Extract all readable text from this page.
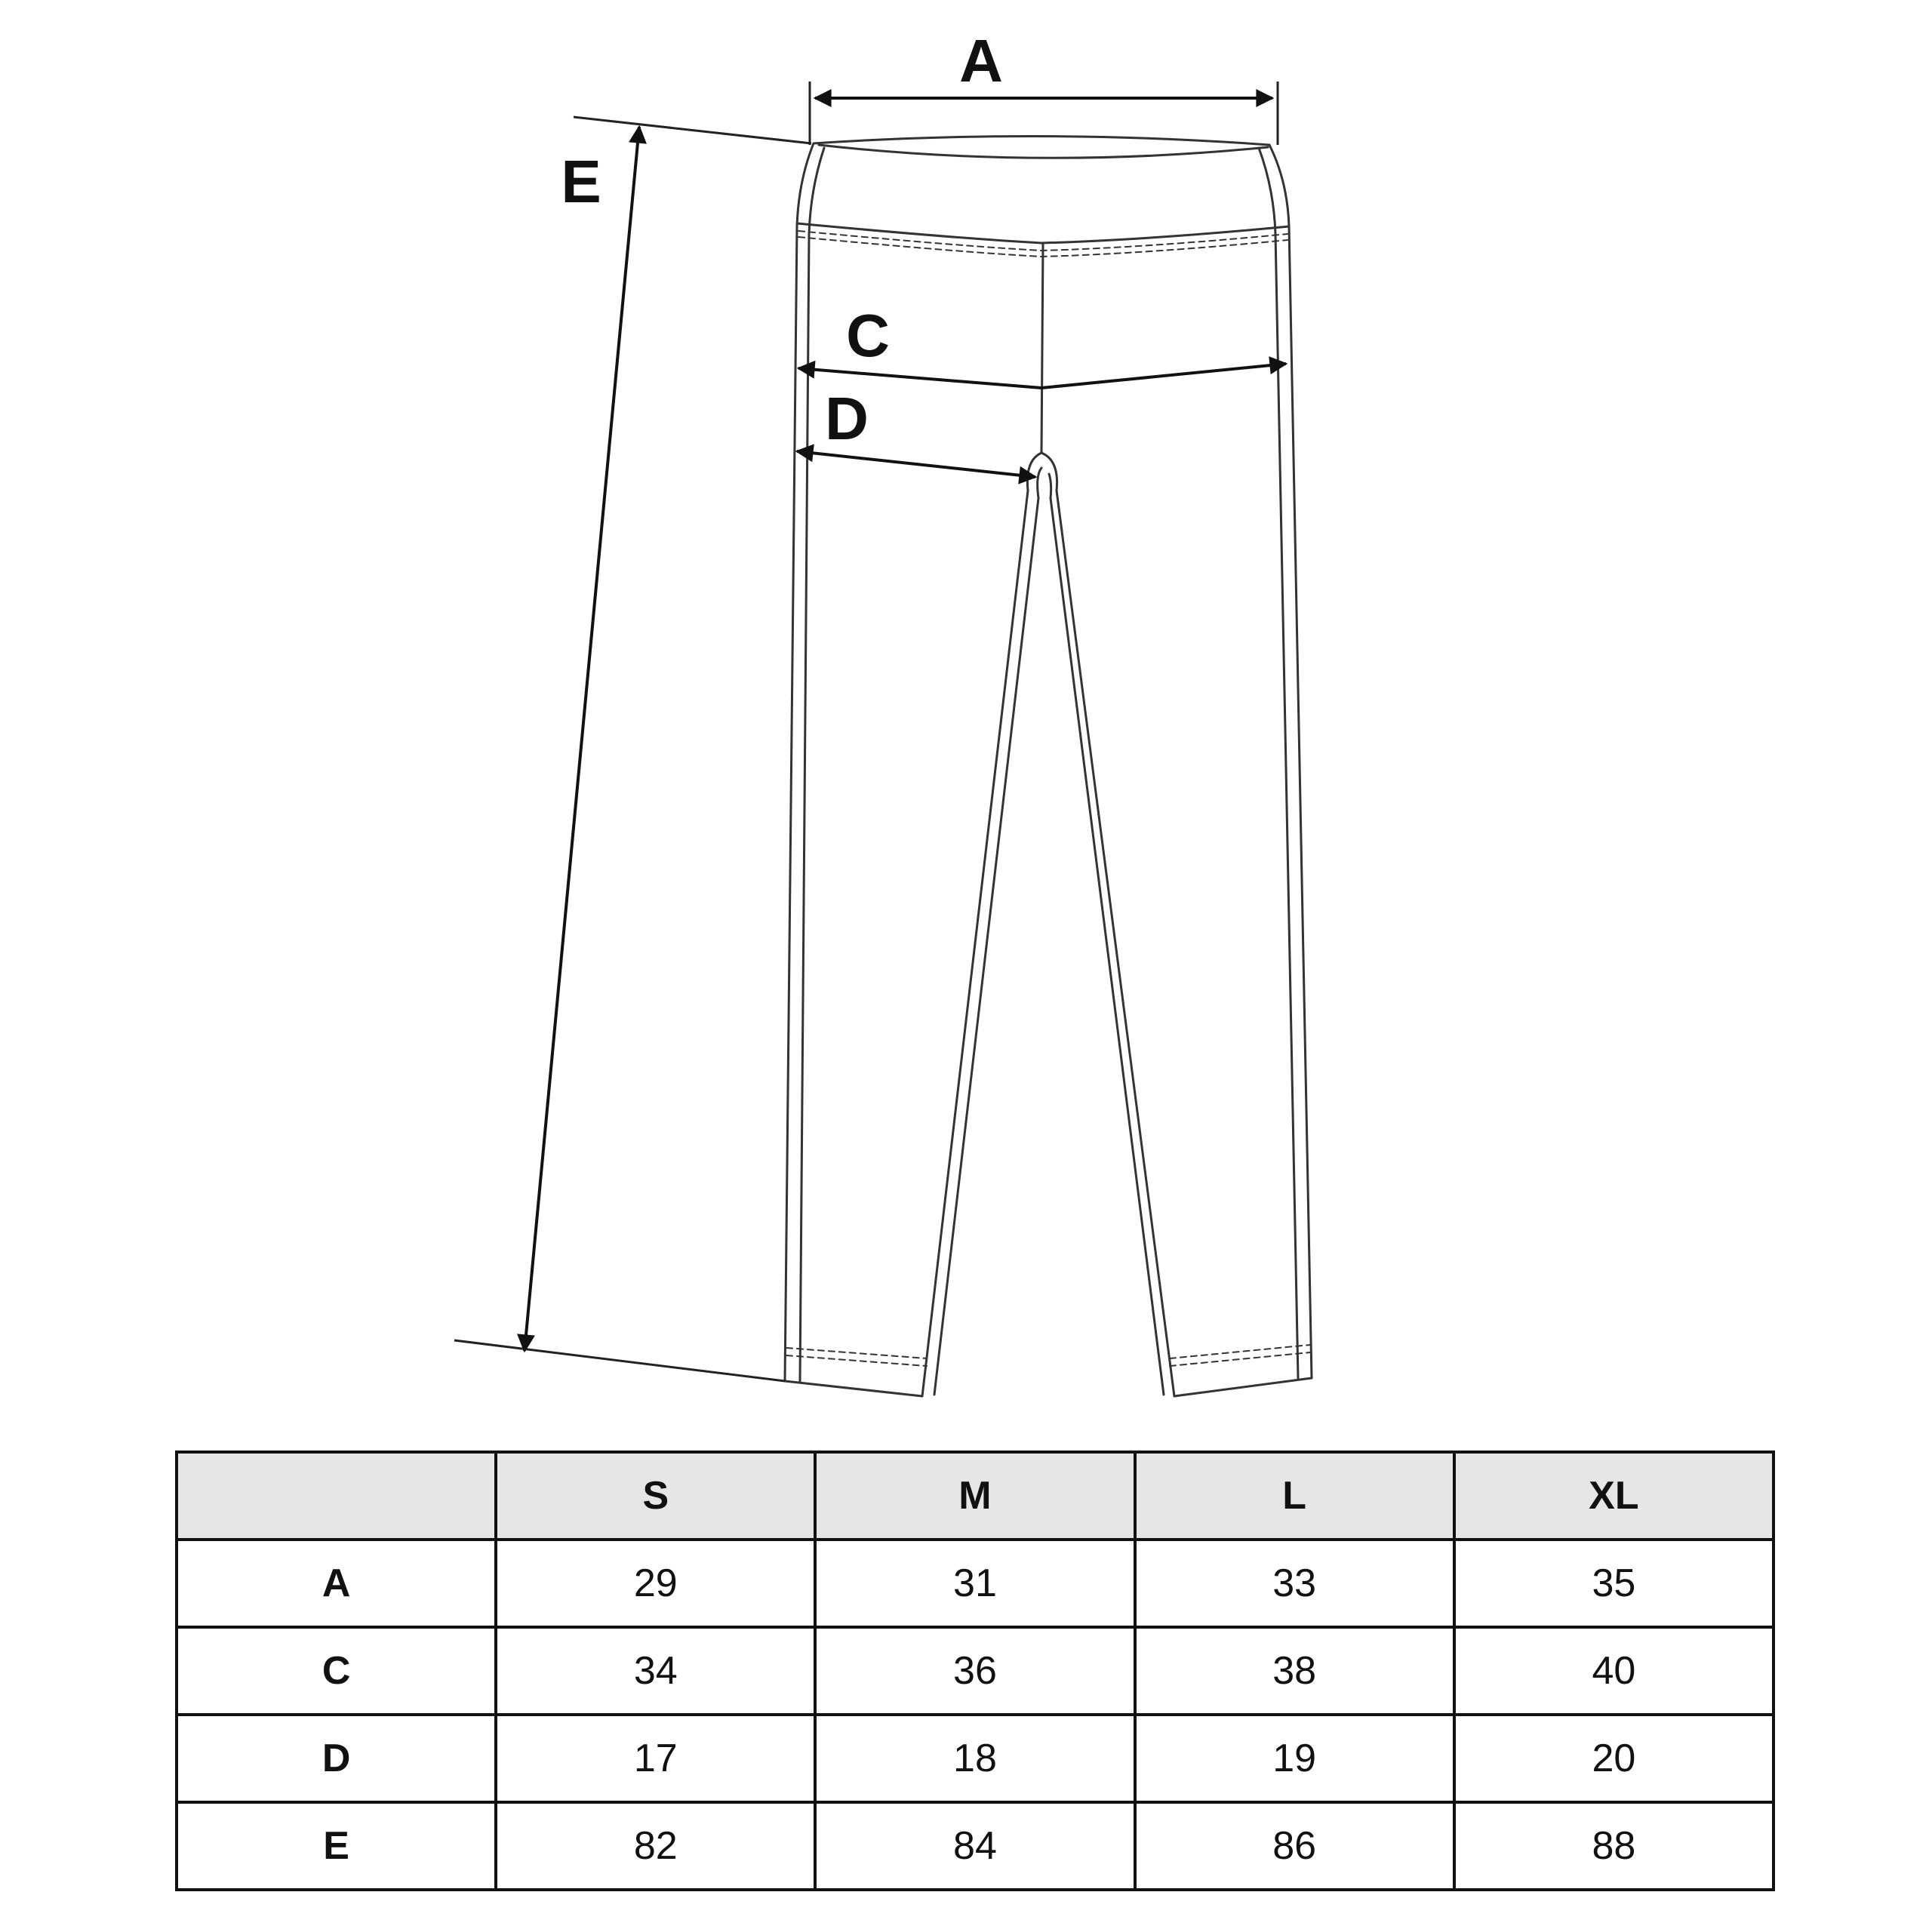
A
E
C
D
	S	M	L	XL
A	29	31	33	35
C	34	36	38	40
D	17	18	19	20
E	82	84	86	88
